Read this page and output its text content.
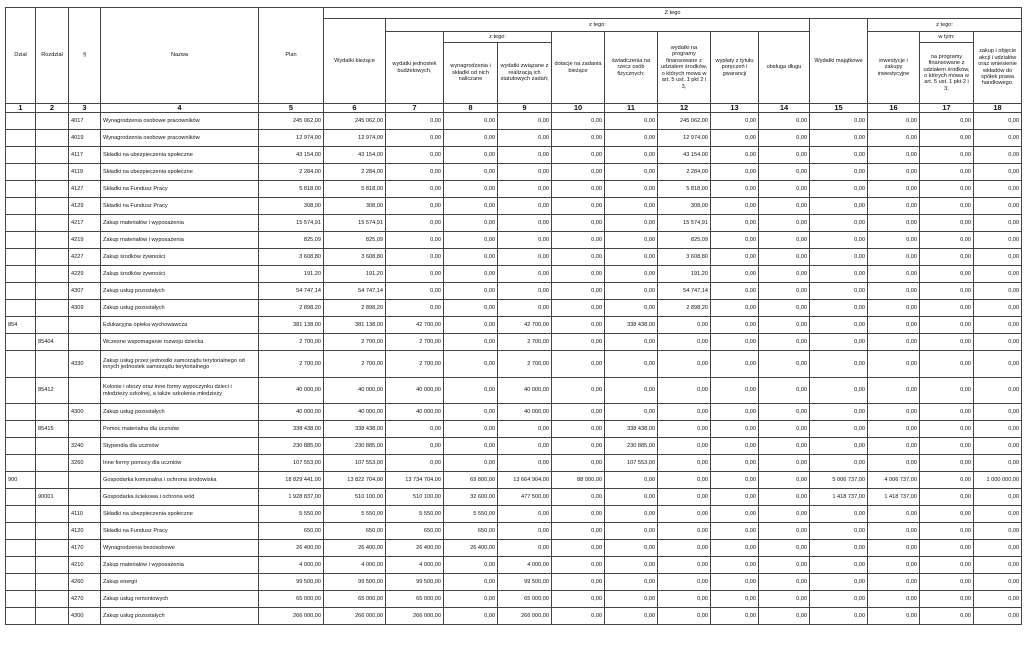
Dział	Rozdział	§	Nazwa	Plan	Z tego												
					Wydatki bieżące	z tego:								Wydatki majątkowe	z tego:		
						wydatki jednostek budżetowych,	z tego:		dotacje na zadania bieżące	świadczenia na rzecz osób fizycznych;	wydatki na programy finansowane z udziałem środków, o których mowa w art. 5 ust. 1 pkt 2 i 3,	wypłaty z tytułu poręczeń i gwarancji	obsługa długu		inwestycje i zakupy inwestycyjne	w tym:	zakup i objęcie akcji i udziałów oraz wniesienie wkładów do spółek prawa handlowego.
							wynagrodzenia i składki od nich naliczane	wydatki związane z realizacją ich statutowych zadań;								na programy finansowane z udziałem środków, o których mowa w art. 5 ust. 1 pkt 2 i 3,	
1	2	3	4	5	6	7	8	9	10	11	12	13	14	15	16	17	18
		4017	Wynagrodzenia osobowe pracowników	245 062,00	245 062,00	0,00	0,00	0,00	0,00	0,00	245 062,00	0,00	0,00	0,00	0,00	0,00	0,00
		4019	Wynagrodzenia osobowe pracowników	12 974,00	12 974,00	0,00	0,00	0,00	0,00	0,00	12 974,00	0,00	0,00	0,00	0,00	0,00	0,00
		4117	Składki na ubezpieczenia społeczne	43 154,00	43 154,00	0,00	0,00	0,00	0,00	0,00	43 154,00	0,00	0,00	0,00	0,00	0,00	0,00
		4119	Składki na ubezpieczenia społeczne	2 284,00	2 284,00	0,00	0,00	0,00	0,00	0,00	2 284,00	0,00	0,00	0,00	0,00	0,00	0,00
		4127	Składki na Fundusz Pracy	5 818,00	5 818,00	0,00	0,00	0,00	0,00	0,00	5 818,00	0,00	0,00	0,00	0,00	0,00	0,00
		4129	Składki na Fundusz Pracy	308,00	308,00	0,00	0,00	0,00	0,00	0,00	308,00	0,00	0,00	0,00	0,00	0,00	0,00
		4217	Zakup materiałów i wyposażenia	15 574,91	15 574,91	0,00	0,00	0,00	0,00	0,00	15 574,91	0,00	0,00	0,00	0,00	0,00	0,00
		4219	Zakup materiałów i wyposażenia	825,09	825,09	0,00	0,00	0,00	0,00	0,00	825,09	0,00	0,00	0,00	0,00	0,00	0,00
		4227	Zakup środków żywności	3 608,80	3 608,80	0,00	0,00	0,00	0,00	0,00	3 608,80	0,00	0,00	0,00	0,00	0,00	0,00
		4229	Zakup środków żywności	191,20	191,20	0,00	0,00	0,00	0,00	0,00	191,20	0,00	0,00	0,00	0,00	0,00	0,00
		4307	Zakup usług pozostałych	54 747,14	54 747,14	0,00	0,00	0,00	0,00	0,00	54 747,14	0,00	0,00	0,00	0,00	0,00	0,00
		4309	Zakup usług pozostałych	2 898,20	2 898,20	0,00	0,00	0,00	0,00	0,00	2 898,20	0,00	0,00	0,00	0,00	0,00	0,00
854			Edukacyjna opieka wychowawcza	381 138,00	381 138,00	42 700,00	0,00	42 700,00	0,00	338 438,00	0,00	0,00	0,00	0,00	0,00	0,00	0,00
	85404		Wczesne wspomaganie rozwoju dziecka	2 700,00	2 700,00	2 700,00	0,00	2 700,00	0,00	0,00	0,00	0,00	0,00	0,00	0,00	0,00	0,00
		4330	Zakup usług przez jednostki samorządu terytorialnego od innych jednostek samorządu terytorialnego	2 700,00	2 700,00	2 700,00	0,00	2 700,00	0,00	0,00	0,00	0,00	0,00	0,00	0,00	0,00	0,00
	85412		Kolonie i obozy oraz inne formy wypoczynku dzieci i młodzieży szkolnej, a także szkolenia młodzieży	40 000,00	40 000,00	40 000,00	0,00	40 000,00	0,00	0,00	0,00	0,00	0,00	0,00	0,00	0,00	0,00
		4300	Zakup usług pozostałych	40 000,00	40 000,00	40 000,00	0,00	40 000,00	0,00	0,00	0,00	0,00	0,00	0,00	0,00	0,00	0,00
	85415		Pomoc materialna dla uczniów	338 438,00	338 438,00	0,00	0,00	0,00	0,00	338 438,00	0,00	0,00	0,00	0,00	0,00	0,00	0,00
		3240	Stypendia dla uczniów	230 885,00	230 885,00	0,00	0,00	0,00	0,00	230 885,00	0,00	0,00	0,00	0,00	0,00	0,00	0,00
		3260	Inne formy pomocy dla uczniów	107 553,00	107 553,00	0,00	0,00	0,00	0,00	107 553,00	0,00	0,00	0,00	0,00	0,00	0,00	0,00
900			Gospodarka komunalna i ochrona środowiska	18 829 441,00	13 822 704,00	13 734 704,00	69 800,00	13 664 904,00	88 000,00	0,00	0,00	0,00	0,00	5 006 737,00	4 006 737,00	0,00	1 000 000,00
	90001		Gospodarka ściekowa i ochrona wód	1 928 837,00	510 100,00	510 100,00	32 600,00	477 500,00	0,00	0,00	0,00	0,00	0,00	1 418 737,00	1 418 737,00	0,00	0,00
		4110	Składki na ubezpieczenia społeczne	5 550,00	5 550,00	5 550,00	5 550,00	0,00	0,00	0,00	0,00	0,00	0,00	0,00	0,00	0,00	0,00
		4120	Składki na Fundusz Pracy	650,00	650,00	650,00	650,00	0,00	0,00	0,00	0,00	0,00	0,00	0,00	0,00	0,00	0,00
		4170	Wynagrodzenia bezosobowe	26 400,00	26 400,00	26 400,00	26 400,00	0,00	0,00	0,00	0,00	0,00	0,00	0,00	0,00	0,00	0,00
		4210	Zakup materiałów i wyposażenia	4 000,00	4 000,00	4 000,00	0,00	4 000,00	0,00	0,00	0,00	0,00	0,00	0,00	0,00	0,00	0,00
		4260	Zakup energii	99 500,00	99 500,00	99 500,00	0,00	99 500,00	0,00	0,00	0,00	0,00	0,00	0,00	0,00	0,00	0,00
		4270	Zakup usług remontowych	65 000,00	65 000,00	65 000,00	0,00	65 000,00	0,00	0,00	0,00	0,00	0,00	0,00	0,00	0,00	0,00
		4300	Zakup usług pozostałych	266 000,00	266 000,00	266 000,00	0,00	266 000,00	0,00	0,00	0,00	0,00	0,00	0,00	0,00	0,00	0,00
